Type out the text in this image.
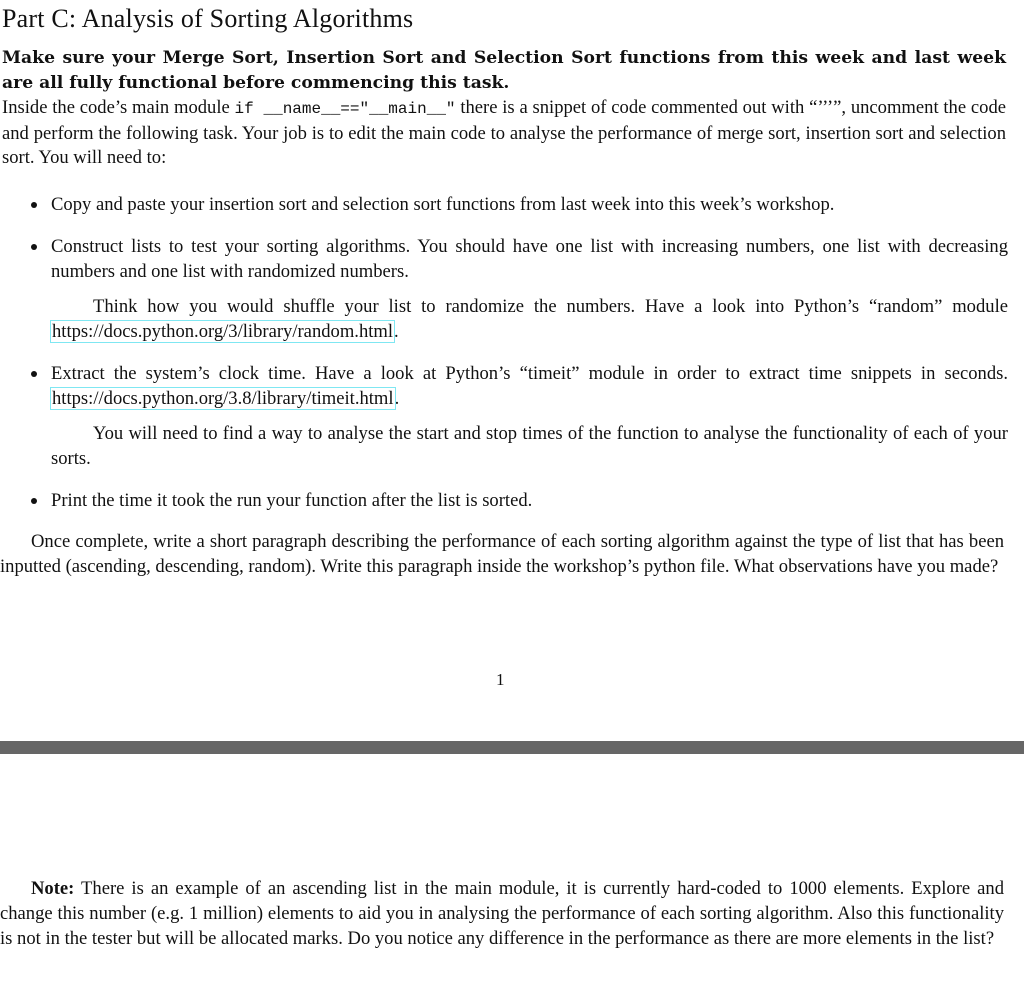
Part C: Analysis of Sorting Algorithms
Make sure your Merge Sort, Insertion Sort and Selection Sort functions from this week and last week are all fully functional before commencing this task.
Inside the code’s main module if __name__=="__main__" there is a snippet of code commented out with “’’’”, uncomment the code and perform the following task. Your job is to edit the main code to analyse the performance of merge sort, insertion sort and selection sort. You will need to:
Copy and paste your insertion sort and selection sort functions from last week into this week’s workshop.
Construct lists to test your sorting algorithms. You should have one list with increasing numbers, one list with decreasing numbers and one list with randomized numbers.
Think how you would shuffle your list to randomize the numbers. Have a look into Python’s “random” module https://docs.python.org/3/library/random.html.
Extract the system’s clock time. Have a look at Python’s “timeit” module in order to extract time snippets in seconds. https://docs.python.org/3.8/library/timeit.html.
You will need to find a way to analyse the start and stop times of the function to analyse the functionality of each of your sorts.
Print the time it took the run your function after the list is sorted.
Once complete, write a short paragraph describing the performance of each sorting algorithm against the type of list that has been inputted (ascending, descending, random). Write this paragraph inside the workshop’s python file. What observations have you made?
1
Note: There is an example of an ascending list in the main module, it is currently hard-coded to 1000 elements. Explore and change this number (e.g. 1 million) elements to aid you in analysing the performance of each sorting algorithm. Also this functionality is not in the tester but will be allocated marks. Do you notice any difference in the performance as there are more elements in the list?
